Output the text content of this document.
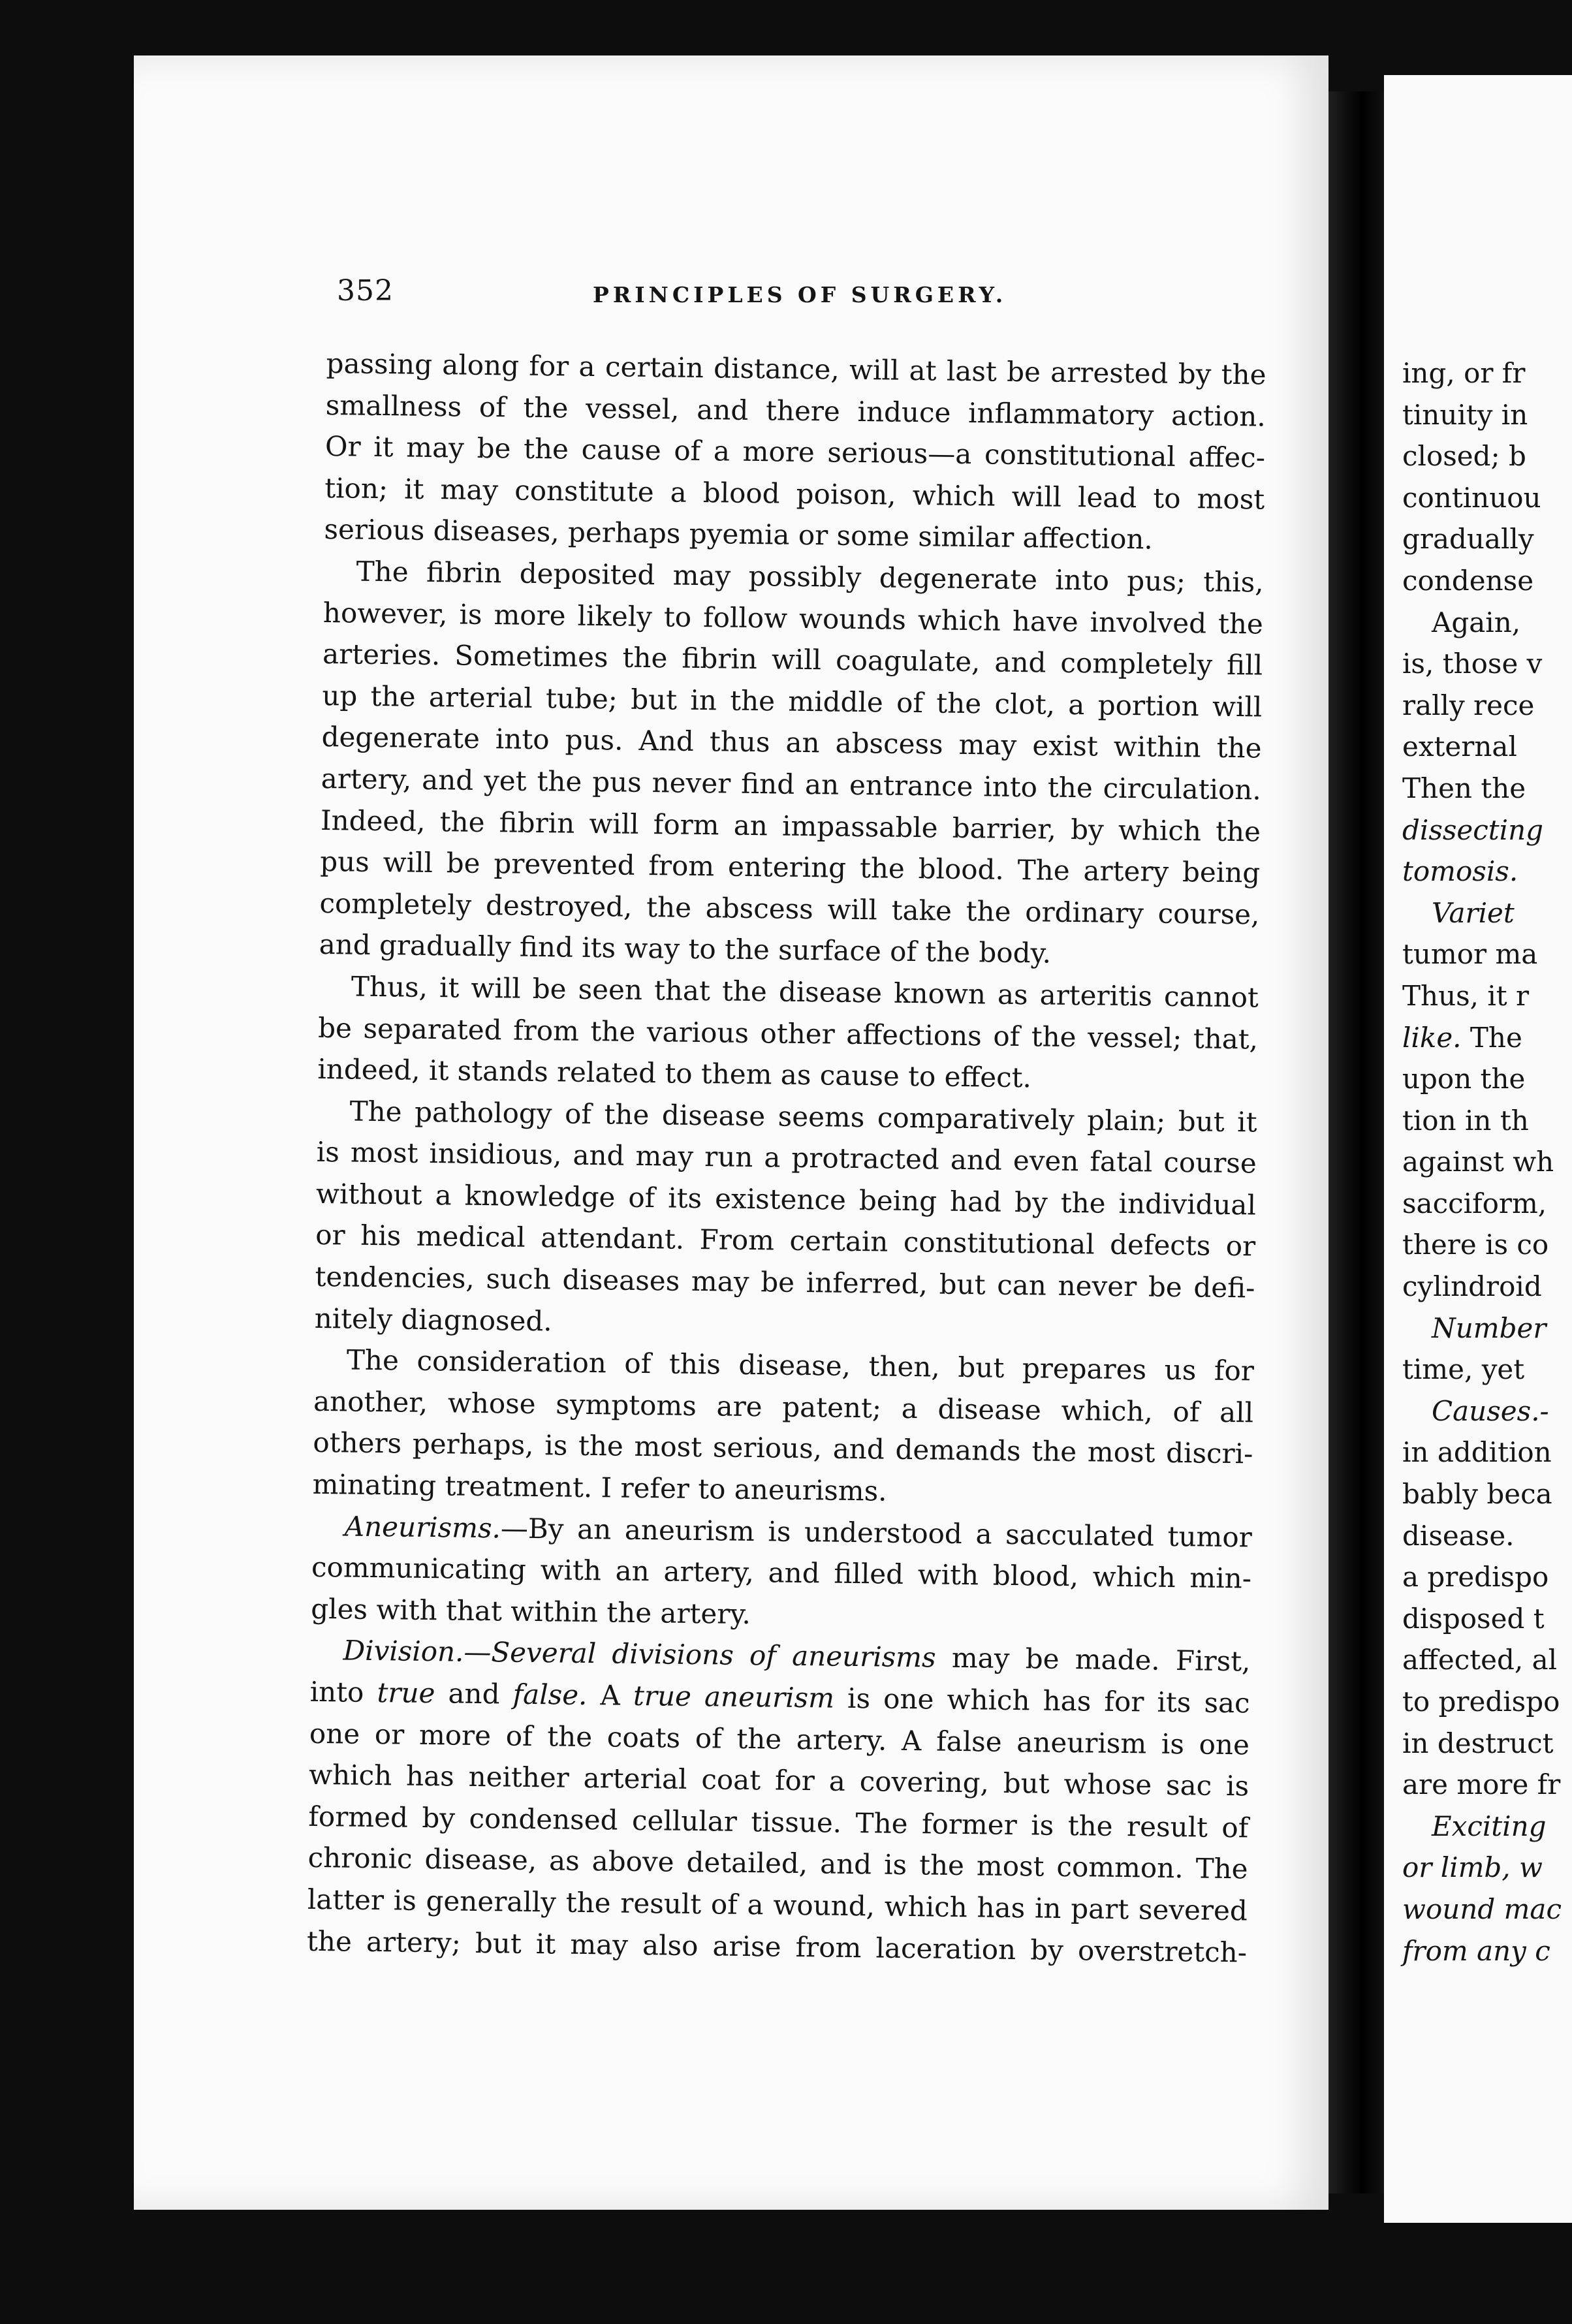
ing, or fr
tinuity in
closed; b
continuou
gradually
condense
Again,
is, those v
rally rece
external
Then the
dissecting
tomosis.
Variet
tumor ma
Thus, it r
like. The
upon the
tion in th
against wh
sacciform,
there is co
cylindroid
Number
time, yet
Causes.-
in addition
bably beca
disease.
a predispo
disposed t
affected, al
to predispo
in destruct
are more fr
Exciting
or limb, w
wound mac
from any c
352	PRINCIPLES OF SURGERY.
passing along for a certain distance, will at last be arrested by the
smallness of the vessel, and there induce inflammatory action.
Or it may be the cause of a more serious—a constitutional affec-
tion; it may constitute a blood poison, which will lead to most
serious diseases, perhaps pyemia or some similar affection.
The fibrin deposited may possibly degenerate into pus; this,
however, is more likely to follow wounds which have involved the
arteries. Sometimes the fibrin will coagulate, and completely fill
up the arterial tube; but in the middle of the clot, a portion will
degenerate into pus. And thus an abscess may exist within the
artery, and yet the pus never find an entrance into the circulation.
Indeed, the fibrin will form an impassable barrier, by which the
pus will be prevented from entering the blood. The artery being
completely destroyed, the abscess will take the ordinary course,
and gradually find its way to the surface of the body.
Thus, it will be seen that the disease known as arteritis cannot
be separated from the various other affections of the vessel; that,
indeed, it stands related to them as cause to effect.
The pathology of the disease seems comparatively plain; but it
is most insidious, and may run a protracted and even fatal course
without a knowledge of its existence being had by the individual
or his medical attendant. From certain constitutional defects or
tendencies, such diseases may be inferred, but can never be defi-
nitely diagnosed.
The consideration of this disease, then, but prepares us for
another, whose symptoms are patent; a disease which, of all
others perhaps, is the most serious, and demands the most discri-
minating treatment. I refer to aneurisms.
Aneurisms.—By an aneurism is understood a sacculated tumor
communicating with an artery, and filled with blood, which min-
gles with that within the artery.
Division.—Several divisions of aneurisms may be made. First,
into true and false. A true aneurism is one which has for its sac
one or more of the coats of the artery. A false aneurism is one
which has neither arterial coat for a covering, but whose sac is
formed by condensed cellular tissue. The former is the result of
chronic disease, as above detailed, and is the most common. The
latter is generally the result of a wound, which has in part severed
the artery; but it may also arise from laceration by overstretch-
